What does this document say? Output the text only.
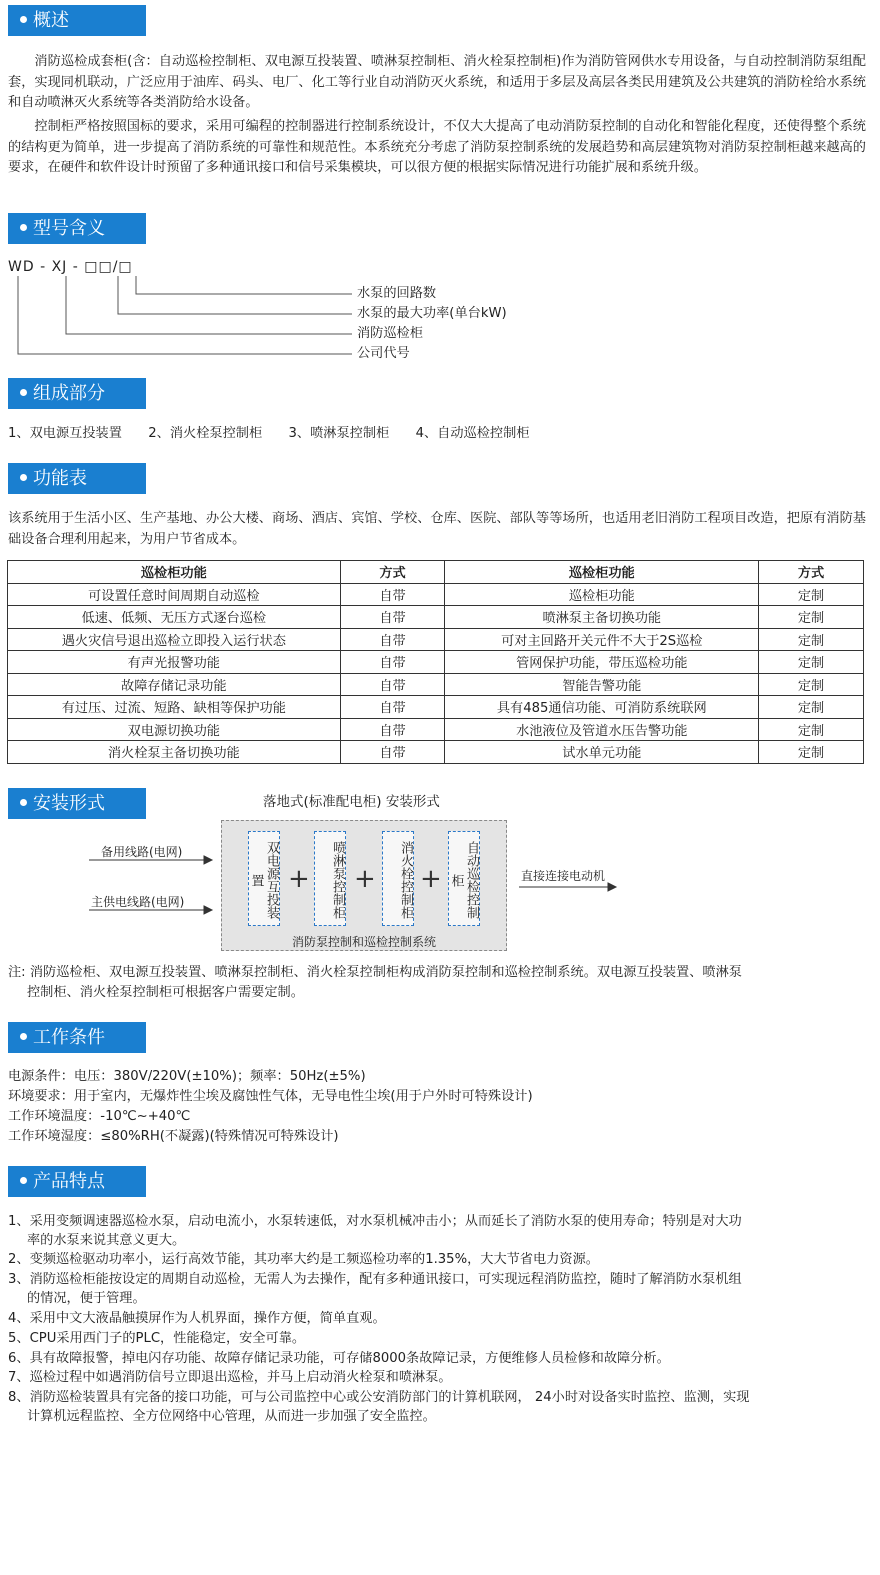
概述
消防巡检成套柜(含：自动巡检控制柜、双电源互投装置、喷淋泵控制柜、消火栓泵控制柜)作为消防管网供水专用设备，与自动控制消防泵组配套，实现同机联动，广泛应用于油库、码头、电厂、化工等行业自动消防灭火系统，和适用于多层及高层各类民用建筑及公共建筑的消防栓给水系统和自动喷淋灭火系统等各类消防给水设备。
控制柜严格按照国标的要求，采用可编程的控制器进行控制系统设计，不仅大大提高了电动消防泵控制的自动化和智能化程度，还使得整个系统的结构更为简单，进一步提高了消防系统的可靠性和规范性。本系统充分考虑了消防泵控制系统的发展趋势和高层建筑物对消防泵控制柜越来越高的要求，在硬件和软件设计时预留了多种通讯接口和信号采集模块，可以很方便的根据实际情况进行功能扩展和系统升级。
型号含义
WD - XJ - □□/□
水泵的回路数
水泵的最大功率(单台kW)
消防巡检柜
公司代号
组成部分
1、双电源互投装置　　2、消火栓泵控制柜　　3、喷淋泵控制柜　　4、自动巡检控制柜
功能表
该系统用于生活小区、生产基地、办公大楼、商场、酒店、宾馆、学校、仓库、医院、部队等等场所，也适用老旧消防工程项目改造，把原有消防基础设备合理利用起来，为用户节省成本。
巡检柜功能	方式	巡检柜功能	方式
可设置任意时间周期自动巡检	自带	巡检柜功能	定制
低速、低频、无压方式逐台巡检	自带	喷淋泵主备切换功能	定制
遇火灾信号退出巡检立即投入运行状态	自带	可对主回路开关元件不大于2S巡检	定制
有声光报警功能	自带	管网保护功能，带压巡检功能	定制
故障存储记录功能	自带	智能告警功能	定制
有过压、过流、短路、缺相等保护功能	自带	具有485通信功能、可消防系统联网	定制
双电源切换功能	自带	水池液位及管道水压告警功能	定制
消火栓泵主备切换功能	自带	试水单元功能	定制
安装形式	落地式(标准配电柜) 安装形式
备用线路(电网)
主供电线路(电网)
直接连接电动机
双电源互投装置 +	喷淋泵控制柜 +	消火栓控制柜 +	自动巡检控制柜
消防泵控制和巡检控制系统
注: 消防巡检柜、双电源互投装置、喷淋泵控制柜、消火栓泵控制柜构成消防泵控制和巡检控制系统。双电源互投装置、喷淋泵
控制柜、消火栓泵控制柜可根据客户需要定制。
工作条件
电源条件：电压：380V/220V(±10%)；频率：50Hz(±5%)
环境要求：用于室内，无爆炸性尘埃及腐蚀性气体，无导电性尘埃(用于户外时可特殊设计)
工作环境温度：-10℃~+40℃
工作环境湿度：≤80%RH(不凝露)(特殊情况可特殊设计)
产品特点
1、采用变频调速器巡检水泵，启动电流小，水泵转速低，对水泵机械冲击小；从而延长了消防水泵的使用寿命；特别是对大功
率的水泵来说其意义更大。
2、变频巡检驱动功率小，运行高效节能，其功率大约是工频巡检功率的1.35%，大大节省电力资源。
3、消防巡检柜能按设定的周期自动巡检，无需人为去操作，配有多种通讯接口，可实现远程消防监控，随时了解消防水泵机组
的情况，便于管理。
4、采用中文大液晶触摸屏作为人机界面，操作方便，简单直观。
5、CPU采用西门子的PLC，性能稳定，安全可靠。
6、具有故障报警，掉电闪存功能、故障存储记录功能，可存储8000条故障记录，方便维修人员检修和故障分析。
7、巡检过程中如遇消防信号立即退出巡检，并马上启动消火栓泵和喷淋泵。
8、消防巡检装置具有完备的接口功能，可与公司监控中心或公安消防部门的计算机联网， 24小时对设备实时监控、监测，实现
计算机远程监控、全方位网络中心管理，从而进一步加强了安全监控。
